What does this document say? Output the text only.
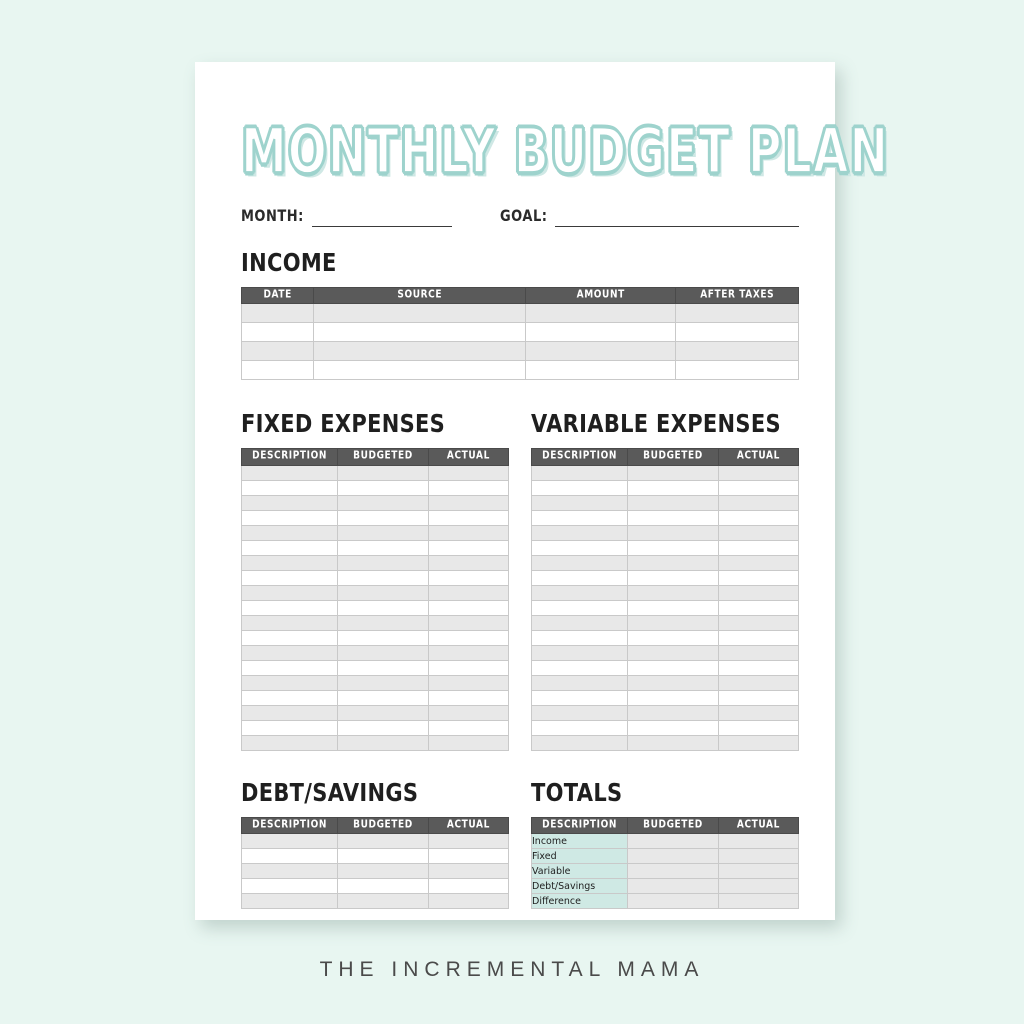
MONTHLY BUDGET PLAN
MONTH:	GOAL:
INCOME
DATE	SOURCE	AMOUNT	AFTER TAXES

FIXED EXPENSES
DESCRIPTION	BUDGETED	ACTUAL

VARIABLE EXPENSES
DESCRIPTION	BUDGETED	ACTUAL

DEBT/SAVINGS
DESCRIPTION	BUDGETED	ACTUAL

TOTALS
DESCRIPTION	BUDGETED	ACTUAL
Income		
Fixed		
Variable		
Debt/Savings		
Difference		
THE INCREMENTAL MAMA
